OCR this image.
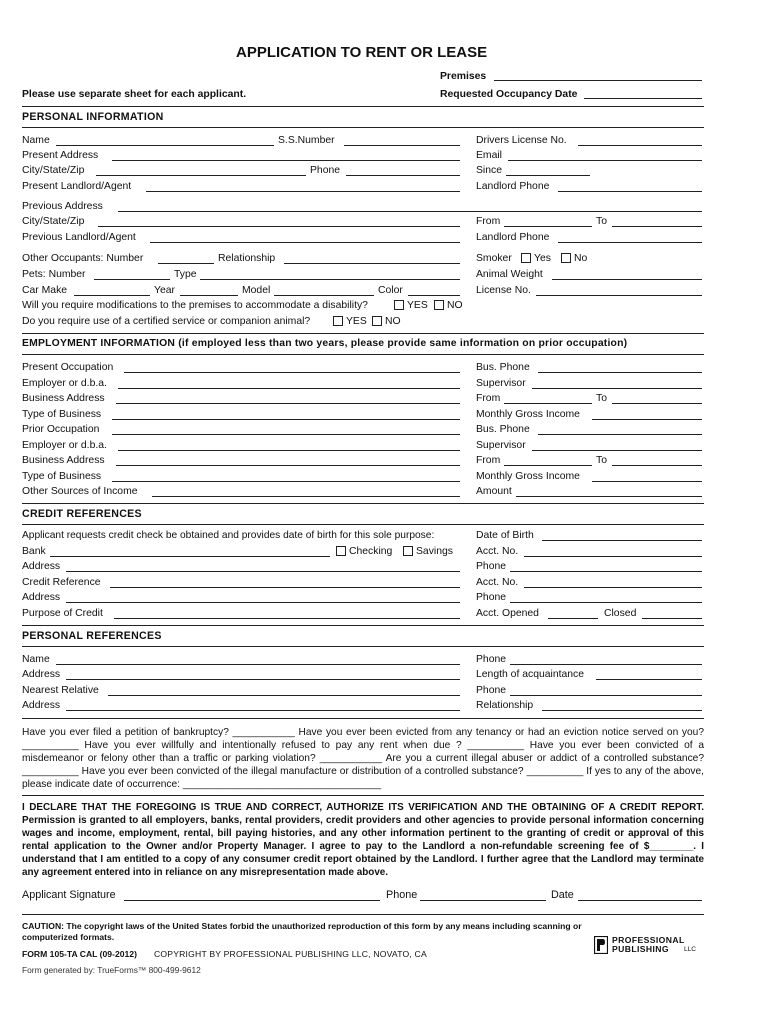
APPLICATION TO RENT OR LEASE
Premises
Please use separate sheet for each applicant.	Requested Occupancy Date
PERSONAL INFORMATION
Name	S.S.Number	Drivers License No.
Present Address	Email
City/State/Zip	Phone	Since
Present Landlord/Agent	Landlord Phone
Previous Address
City/State/Zip	From	To
Previous Landlord/Agent	Landlord Phone
Other Occupants: Number	Relationship	Smoker Yes No
Pets: Number	Type	Animal Weight
Car Make	Year	Model	Color	License No.
Will you require modifications to the premises to accommodate a disability?	YES NO
Do you require use of a certified service or companion animal?	YES NO
EMPLOYMENT INFORMATION (if employed less than two years, please provide same information on prior occupation)
Present Occupation	Bus. Phone
Employer or d.b.a.	Supervisor
Business Address	From	To
Type of Business	Monthly Gross Income
Prior Occupation	Bus. Phone
Employer or d.b.a.	Supervisor
Business Address	From	To
Type of Business	Monthly Gross Income
Other Sources of Income	Amount
CREDIT REFERENCES
Applicant requests credit check be obtained and provides date of birth for this sole purpose:	Date of Birth
Bank	Checking Savings Acct. No.
Address	Phone
Credit Reference	Acct. No.
Address	Phone
Purpose of Credit	Acct. Opened	Closed
PERSONAL REFERENCES
Name	Phone
Address	Length of acquaintance
Nearest Relative	Phone
Address	Relationship
Have you ever filed a petition of bankruptcy? ___________ Have you ever been evicted from any tenancy or had an eviction notice served on you? __________ Have you ever willfully and intentionally refused to pay any rent when due ? __________ Have you ever been convicted of a misdemeanor or felony other than a traffic or parking violation? ___________ Are you a current illegal abuser or addict of a controlled substance? __________ Have you ever been convicted of the illegal manufacture or distribution of a controlled substance? __________ If yes to any of the above, please indicate date of occurrence: ___________________________________
I DECLARE THAT THE FOREGOING IS TRUE AND CORRECT, AUTHORIZE ITS VERIFICATION AND THE OBTAINING OF A CREDIT REPORT. Permission is granted to all employers, banks, rental providers, credit providers and other agencies to provide personal information concerning wages and income, employment, rental, bill paying histories, and any other information pertinent to the granting of credit or approval of this rental application to the Owner and/or Property Manager. I agree to pay to the Landlord a non-refundable screening fee of $________. I understand that I am entitled to a copy of any consumer credit report obtained by the Landlord. I further agree that the Landlord may terminate any agreement entered into in reliance on any misrepresentation made above.
Applicant Signature	Phone	Date
CAUTION: The copyright laws of the United States forbid the unauthorized reproduction of this form by any means including scanning or computerized formats.	PROFESSIONAL
PUBLISHING LLC
FORM 105-TA CAL (09-2012) COPYRIGHT BY PROFESSIONAL PUBLISHING LLC, NOVATO, CA
Form generated by: TrueForms™ 800-499-9612
